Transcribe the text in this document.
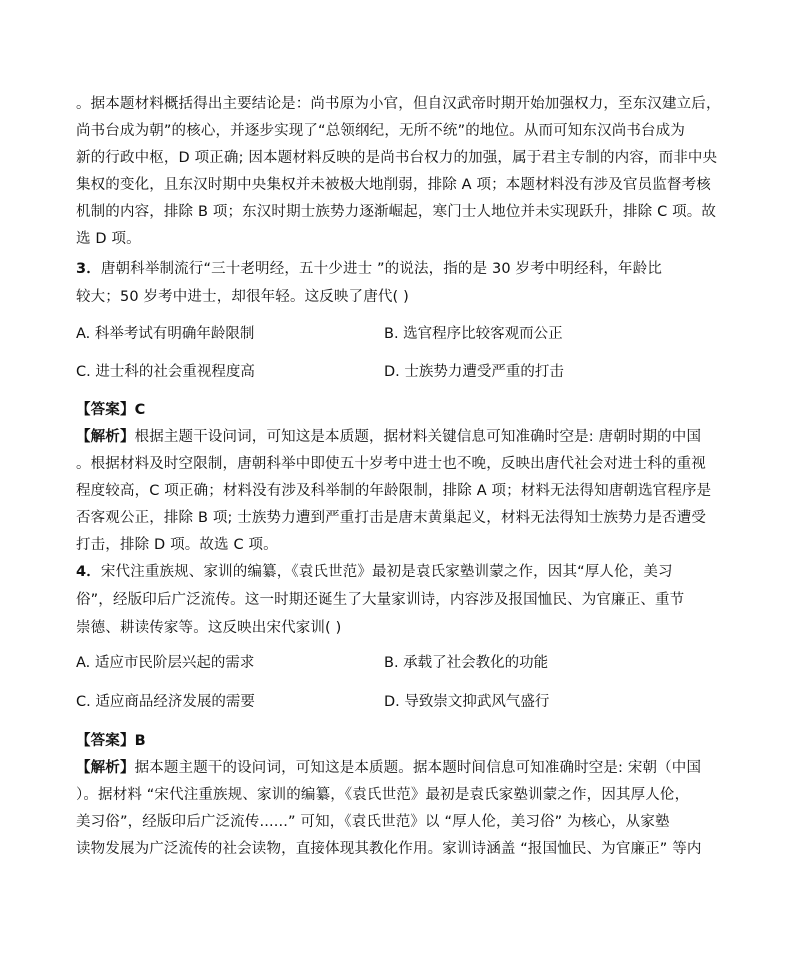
。据本题材料概括得出主要结论是：尚书原为小官，但自汉武帝时期开始加强权力，至东汉建立后，
尚书台成为朝”的核心，并逐步实现了“总领纲纪，无所不统”的地位。从而可知东汉尚书台成为
新的行政中枢，D 项正确; 因本题材料反映的是尚书台权力的加强，属于君主专制的内容，而非中央
集权的变化，且东汉时期中央集权并未被极大地削弱，排除 A 项；本题材料没有涉及官员监督考核
机制的内容，排除 B 项；东汉时期士族势力逐渐崛起，寒门士人地位并未实现跃升，排除 C 项。故
选 D 项。
3．唐朝科举制流行“三十老明经，五十少进士 ”的说法，指的是 30 岁考中明经科，年龄比
较大；50 岁考中进士，却很年轻。这反映了唐代( )
A. 科举考试有明确年龄限制	B. 选官程序比较客观而公正
C. 进士科的社会重视程度高	D. 士族势力遭受严重的打击
【答案】C
【解析】根据主题干设问词，可知这是本质题，据材料关键信息可知准确时空是: 唐朝时期的中国
。根据材料及时空限制，唐朝科举中即使五十岁考中进士也不晚，反映出唐代社会对进士科的重视
程度较高，C 项正确；材料没有涉及科举制的年龄限制，排除 A 项；材料无法得知唐朝选官程序是
否客观公正，排除 B 项; 士族势力遭到严重打击是唐末黄巢起义，材料无法得知士族势力是否遭受
打击，排除 D 项。故选 C 项。
4．宋代注重族规、家训的编纂，《袁氏世范》最初是袁氏家塾训蒙之作，因其“厚人伦，美习
俗”，经版印后广泛流传。这一时期还诞生了大量家训诗，内容涉及报国恤民、为官廉正、重节
崇德、耕读传家等。这反映出宋代家训( )
A. 适应市民阶层兴起的需求	B. 承载了社会教化的功能
C. 适应商品经济发展的需要	D. 导致崇文抑武风气盛行
【答案】B
【解析】据本题主题干的设问词，可知这是本质题。据本题时间信息可知准确时空是: 宋朝（中国
）。据材料 “宋代注重族规、家训的编纂，《袁氏世范》最初是袁氏家塾训蒙之作，因其厚人伦，
美习俗”，经版印后广泛流传......” 可知，《袁氏世范》以 “厚人伦，美习俗” 为核心，从家塾
读物发展为广泛流传的社会读物，直接体现其教化作用。家训诗涵盖 “报国恤民、为官廉正” 等内
